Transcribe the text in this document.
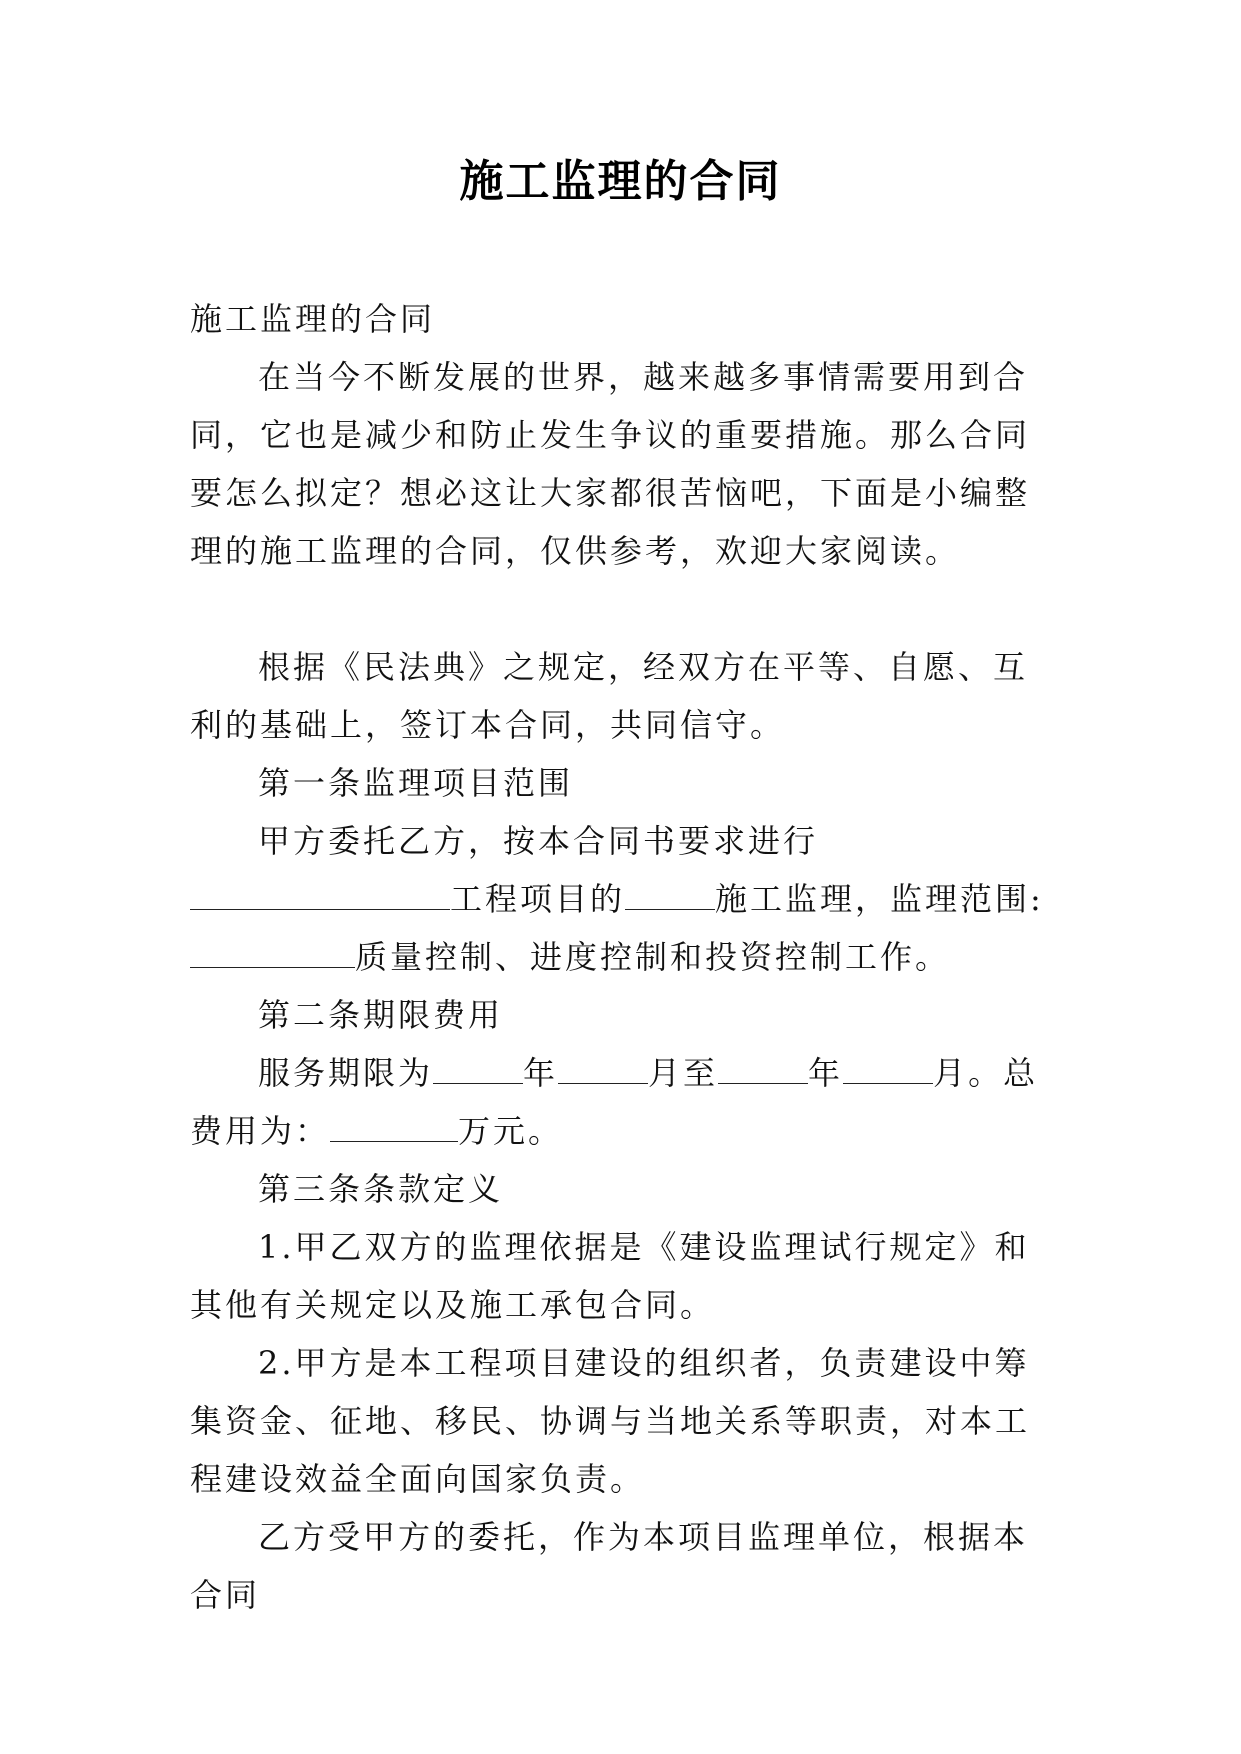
施工监理的合同

施工监理的合同

在当今不断发展的世界，越来越多事情需要用到合同，它也是减少和防止发生争议的重要措施。那么合同要怎么拟定？想必这让大家都很苦恼吧，下面是小编整理的施工监理的合同，仅供参考，欢迎大家阅读。

根据《民法典》之规定，经双方在平等、自愿、互利的基础上，签订本合同，共同信守。

第一条监理项目范围

甲方委托乙方，按本合同书要求进行工程项目的	施工监理，监理范围:质量控制、进度控制和投资控制工作。

第二条期限费用

服务期限为	年	月至	年	月。总费用为：	万元。

第三条条款定义

1.甲乙双方的监理依据是《建设监理试行规定》和其他有关规定以及施工承包合同。

2.甲方是本工程项目建设的组织者，负责建设中筹集资金、征地、移民、协调与当地关系等职责，对本工程建设效益全面向国家负责。

乙方受甲方的委托，作为本项目监理单位，根据本合同
